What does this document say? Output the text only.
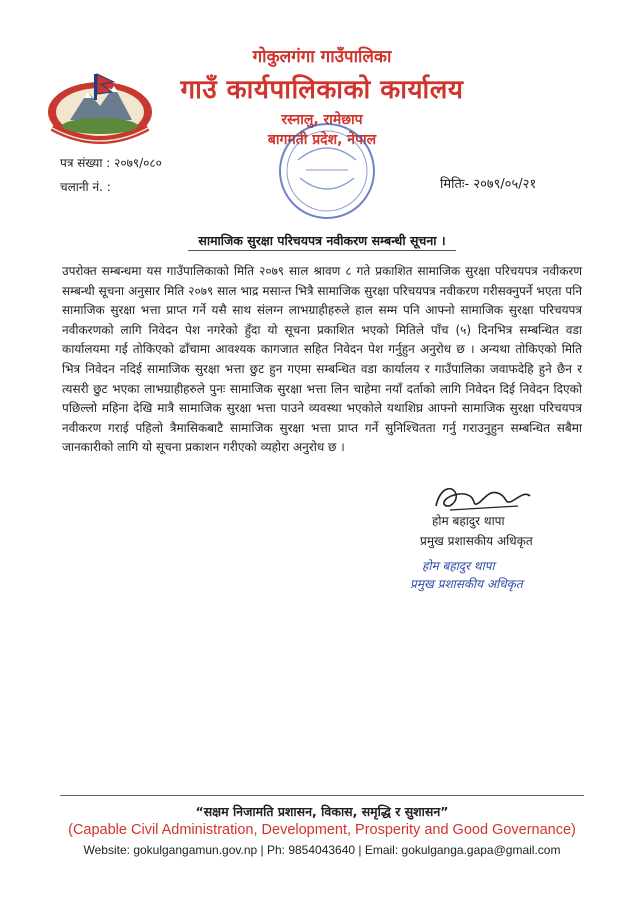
गोकुलगंगा गाउँपालिका
गाउँ कार्यपालिकाको कार्यालय
रस्नालु, रामेछाप
बागमती प्रदेश, नेपाल
पत्र संख्या : २०७९/०८०
चलानी नं. :	मितिः- २०७९/०५/२१
सामाजिक सुरक्षा परिचयपत्र नवीकरण सम्बन्धी सूचना ।
उपरोक्त सम्बन्धमा यस गाउँपालिकाको मिति २०७९ साल श्रावण ८ गते प्रकाशित सामाजिक सुरक्षा परिचयपत्र नवीकरण सम्बन्धी सूचना अनुसार मिति २०७९ साल भाद्र मसान्त भित्रै सामाजिक सुरक्षा परिचयपत्र नवीकरण गरीसक्नुपर्ने भएता पनि सामाजिक सुरक्षा भत्ता प्राप्त गर्ने यसै साथ संलग्न लाभग्राहीहरुले हाल सम्म पनि आफ्नो सामाजिक सुरक्षा परिचयपत्र नवीकरणको लागि निवेदन पेश नगरेको हुँदा यो सूचना प्रकाशित भएको मितिले पाँच (५) दिनभित्र सम्बन्धित वडा कार्यालयमा गई तोकिएको ढाँचामा आवश्यक कागजात सहित निवेदन पेश गर्नुहुन अनुरोध छ । अन्यथा तोकिएको मिति भित्र निवेदन नदिई सामाजिक सुरक्षा भत्ता छुट हुन गएमा सम्बन्धित वडा कार्यालय र गाउँपालिका जवाफदेहि हुने छैन र त्यसरी छुट भएका लाभग्राहीहरुले पुनः सामाजिक सुरक्षा भत्ता लिन चाहेमा नयाँ दर्ताको लागि निवेदन दिई निवेदन दिएको पछिल्लो महिना देखि मात्रै सामाजिक सुरक्षा भत्ता पाउने व्यवस्था भएकोले यथाशिघ्र आफ्नो सामाजिक सुरक्षा परिचयपत्र नवीकरण गराई पहिलो त्रैमासिकबाटै सामाजिक सुरक्षा भत्ता प्राप्त गर्ने सुनिश्चितता गर्नु गराउनुहुन सम्बन्धित सबैमा जानकारीको लागि यो सूचना प्रकाशन गरीएको व्यहोरा अनुरोध छ ।
होम बहादुर थापा
प्रमुख प्रशासकीय अधिकृत
होम बहादुर थापा
प्रमुख प्रशासकीय अधिकृत
“सक्षम निजामति प्रशासन, विकास, समृद्धि र सुशासन”
(Capable Civil Administration, Development, Prosperity and Good Governance)
Website: gokulgangamun.gov.np | Ph: 9854043640 | Email: gokulganga.gapa@gmail.com
